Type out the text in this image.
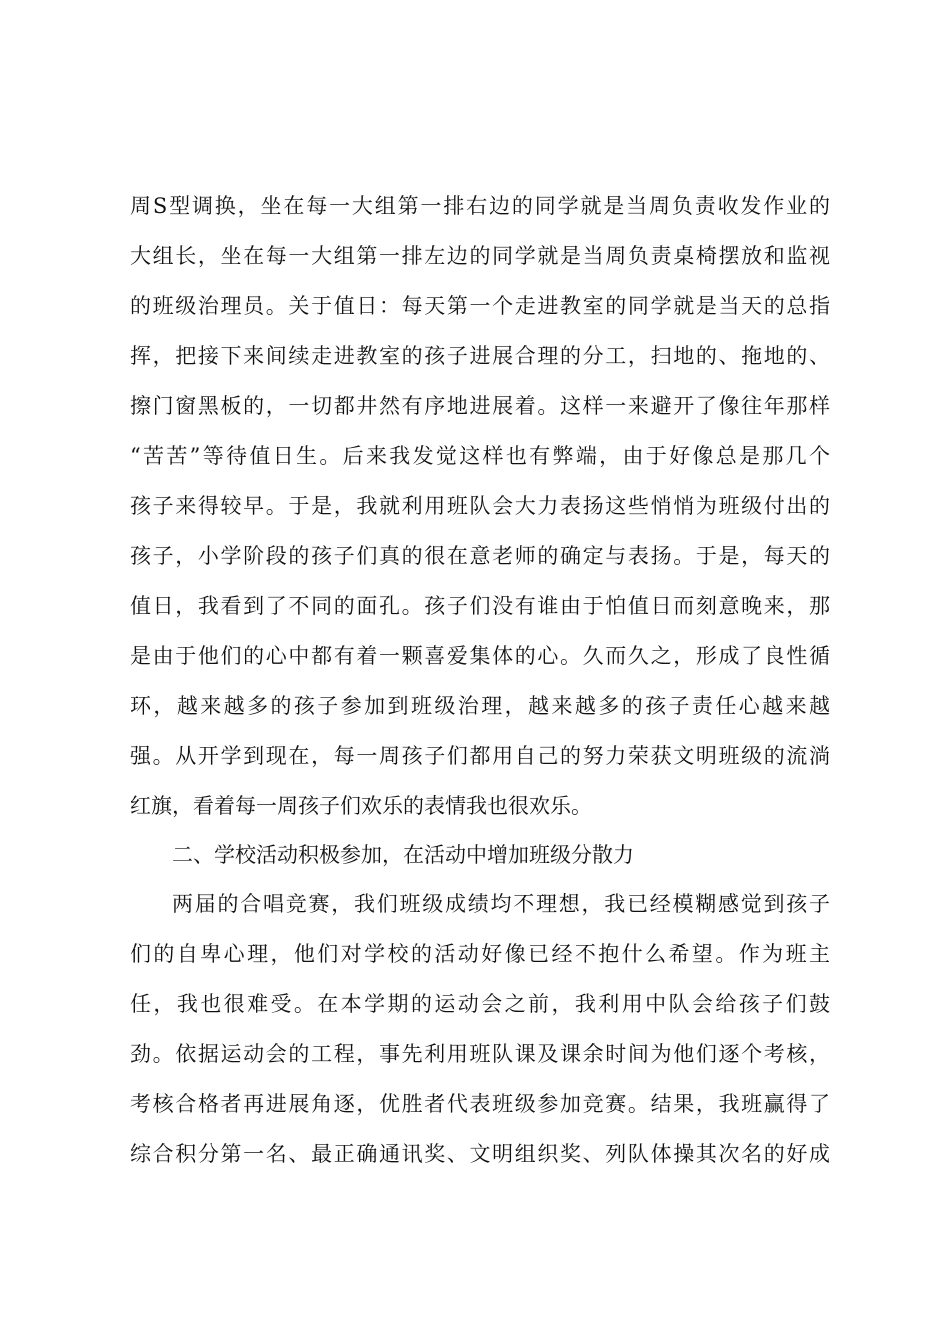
周S型调换，坐在每一大组第一排右边的同学就是当周负责收发作业的
大组长，坐在每一大组第一排左边的同学就是当周负责桌椅摆放和监视
的班级治理员。关于值日：每天第一个走进教室的同学就是当天的总指
挥，把接下来间续走进教室的孩子进展合理的分工，扫地的、拖地的、
擦门窗黑板的，一切都井然有序地进展着。这样一来避开了像往年那样
“苦苦”等待值日生。后来我发觉这样也有弊端，由于好像总是那几个
孩子来得较早。于是，我就利用班队会大力表扬这些悄悄为班级付出的
孩子，小学阶段的孩子们真的很在意老师的确定与表扬。于是，每天的
值日，我看到了不同的面孔。孩子们没有谁由于怕值日而刻意晚来，那
是由于他们的心中都有着一颗喜爱集体的心。久而久之，形成了良性循
环，越来越多的孩子参加到班级治理，越来越多的孩子责任心越来越
强。从开学到现在，每一周孩子们都用自己的努力荣获文明班级的流淌
红旗，看着每一周孩子们欢乐的表情我也很欢乐。
二、学校活动积极参加，在活动中增加班级分散力
两届的合唱竞赛，我们班级成绩均不理想，我已经模糊感觉到孩子
们的自卑心理，他们对学校的活动好像已经不抱什么希望。作为班主
任，我也很难受。在本学期的运动会之前，我利用中队会给孩子们鼓
劲。依据运动会的工程，事先利用班队课及课余时间为他们逐个考核，
考核合格者再进展角逐，优胜者代表班级参加竞赛。结果，我班赢得了
综合积分第一名、最正确通讯奖、文明组织奖、列队体操其次名的好成
